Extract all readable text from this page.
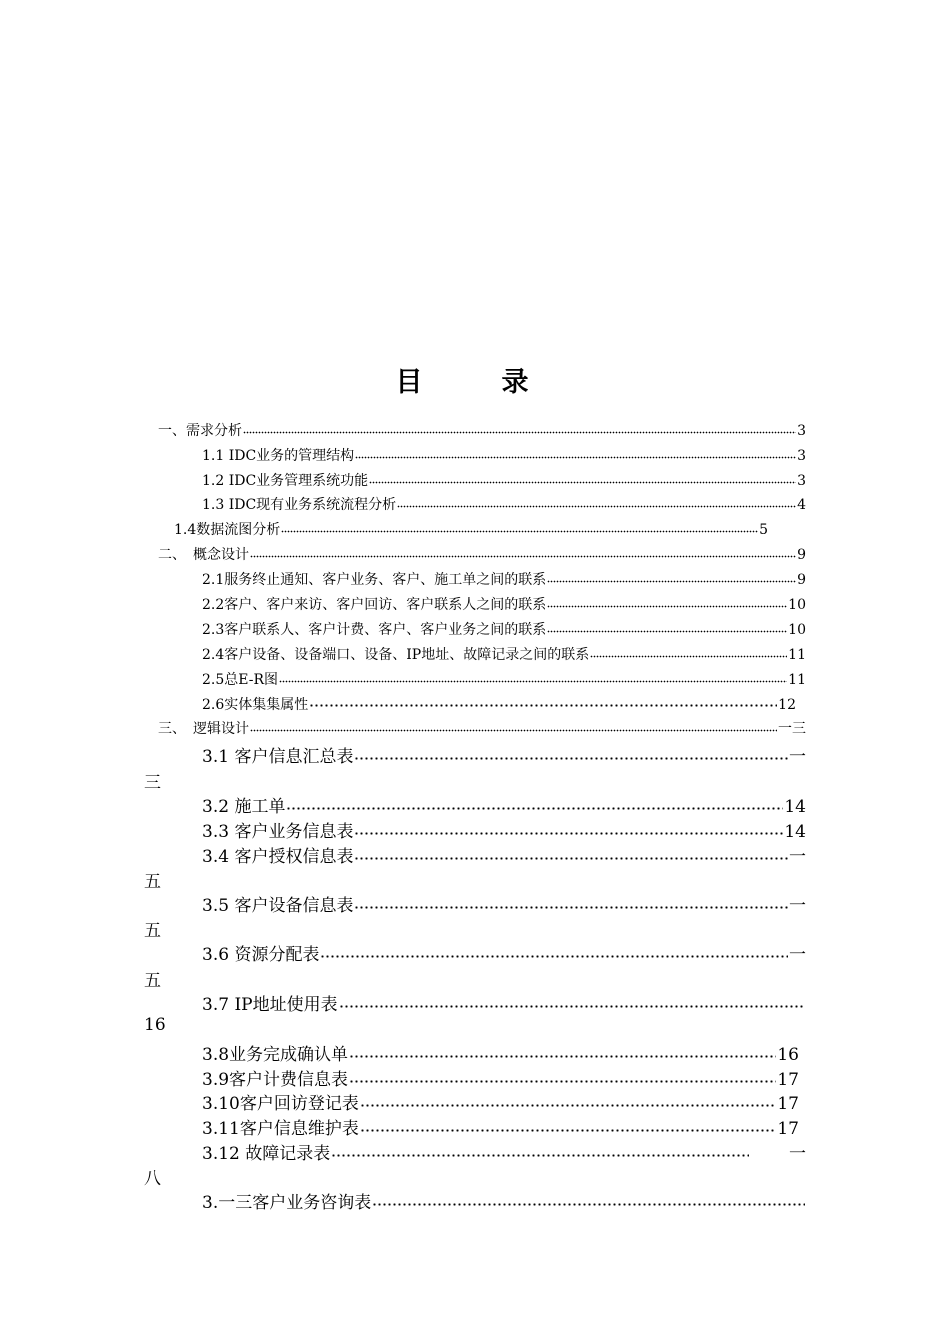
目　录
一、需求分析	3
1.1 IDC业务的管理结构	3
1.2 IDC业务管理系统功能	3
1.3 IDC现有业务系统流程分析	4
1.4数据流图分析	5
二、　概念设计	9
2.1服务终止通知、客户业务、客户、施工单之间的联系	9
2.2客户、客户来访、客户回访、客户联系人之间的联系	10
2.3客户联系人、客户计费、客户、客户业务之间的联系	10
2.4客户设备、设备端口、设备、IP地址、故障记录之间的联系	11
2.5总E-R图	11
2.6实体集集属性	12
三、　逻辑设计	一三
3.1 客户信息汇总表	一
三
3.2 施工单	14
3.3 客户业务信息表	14
3.4 客户授权信息表	一
五
3.5 客户设备信息表	一
五
3.6 资源分配表	一
五
3.7 IP地址使用表
16
3.8业务完成确认单	16
3.9客户计费信息表	17
3.10客户回访登记表	17
3.11客户信息维护表	17
3.12 故障记录表	一
八
3.一三客户业务咨询表
